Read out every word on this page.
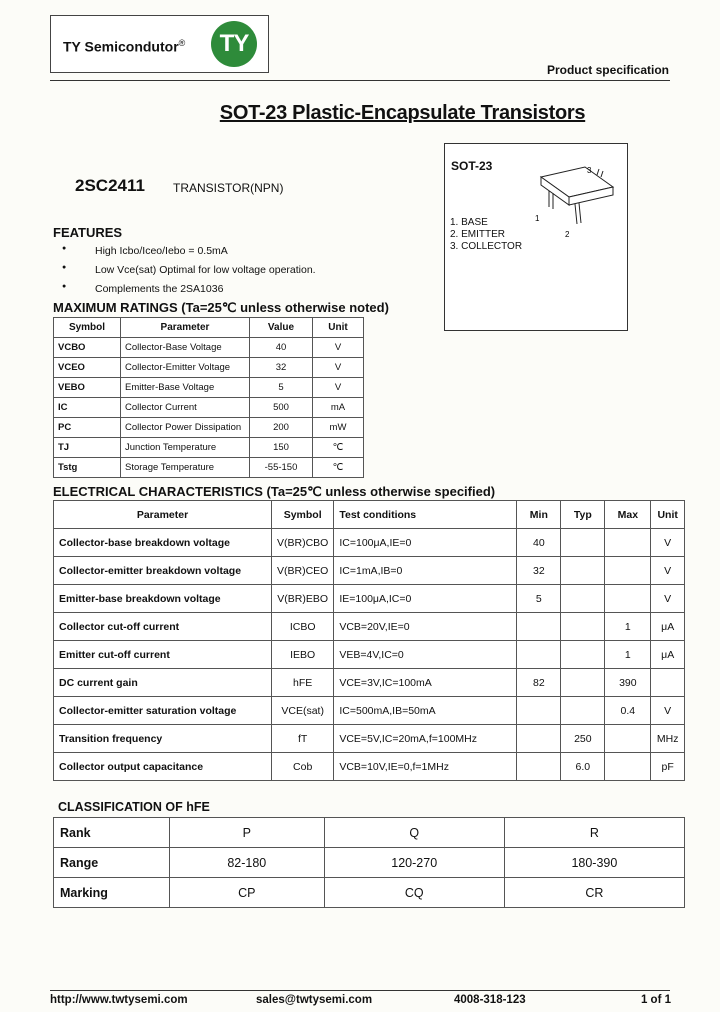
TY Semicondutor®	TY
Product specification
SOT-23 Plastic-Encapsulate Transistors
2SC2411 TRANSISTOR(NPN)
SOT-23	3
1
2
1. BASE
2. EMITTER
3. COLLECTOR
FEATURES
● High Icbo/Iceo/Iebo = 0.5mA
● Low Vce(sat) Optimal for low voltage operation.
● Complements the 2SA1036
MAXIMUM RATINGS (Ta=25℃ unless otherwise noted)
Symbol	Parameter	Value	Unit
VCBO	Collector-Base Voltage	40	V
VCEO	Collector-Emitter Voltage	32	V
VEBO	Emitter-Base Voltage	5	V
IC	Collector Current	500	mA
PC	Collector Power Dissipation	200	mW
TJ	Junction Temperature	150	℃
Tstg	Storage Temperature	-55-150	℃
ELECTRICAL CHARACTERISTICS (Ta=25℃ unless otherwise specified)
Parameter	Symbol	Test conditions	Min	Typ	Max	Unit
Collector-base breakdown voltage	V(BR)CBO	IC=100μA,IE=0	40			V
Collector-emitter breakdown voltage	V(BR)CEO	IC=1mA,IB=0	32			V
Emitter-base breakdown voltage	V(BR)EBO	IE=100μA,IC=0	5			V
Collector cut-off current	ICBO	VCB=20V,IE=0			1	μA
Emitter cut-off current	IEBO	VEB=4V,IC=0			1	μA
DC current gain	hFE	VCE=3V,IC=100mA	82		390	
Collector-emitter saturation voltage	VCE(sat)	IC=500mA,IB=50mA			0.4	V
Transition frequency	fT	VCE=5V,IC=20mA,f=100MHz		250		MHz
Collector output capacitance	Cob	VCB=10V,IE=0,f=1MHz		6.0		pF
CLASSIFICATION OF hFE
Rank	P	Q	R
Range	82-180	120-270	180-390
Marking	CP	CQ	CR
http://www.twtysemi.com	sales@twtysemi.com	4008-318-123	1 of 1
